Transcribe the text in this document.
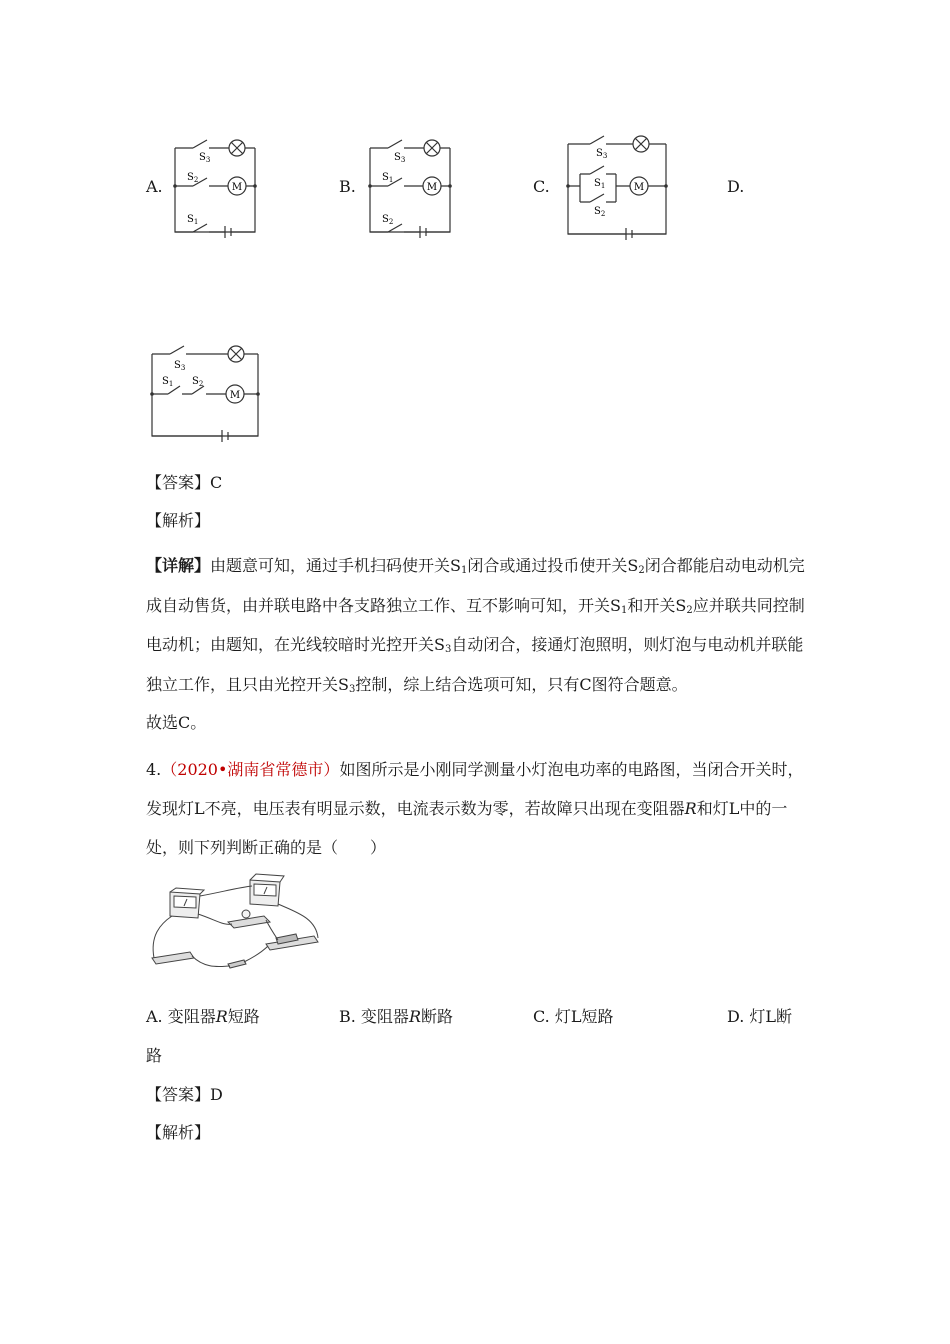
A.	B.	C.	D.
$S_3$
$S_2$
$S_1$
M
$S_3$
$S_1$
$S_2$
M
$S_3$
$S_1$
$S_2$
M
$S_3$
$S_1$ $S_2$
M
【答案】C
【解析】
【详解】由题意可知，通过手机扫码使开关$S_1$闭合或通过投币使开关$S_2$闭合都能启动电动机完成自动售货，由并联电路中各支路独立工作、互不影响可知，开关$S_1$和开关$S_2$应并联共同控制电动机；由题知，在光线较暗时光控开关$S_3$自动闭合，接通灯泡照明，则灯泡与电动机并联能独立工作，且只由光控开关$S_3$控制，综上结合选项可知，只有C图符合题意。
故选C。
4.（2020•湖南省常德市）如图所示是小刚同学测量小灯泡电功率的电路图，当闭合开关时，发现灯L不亮，电压表有明显示数，电流表示数为零，若故障只出现在变阻器R和灯L中的一处，则下列判断正确的是（　　）
A. 变阻器R短路	B. 变阻器R断路	C. 灯L短路	D. 灯L断
路
【答案】D
【解析】
